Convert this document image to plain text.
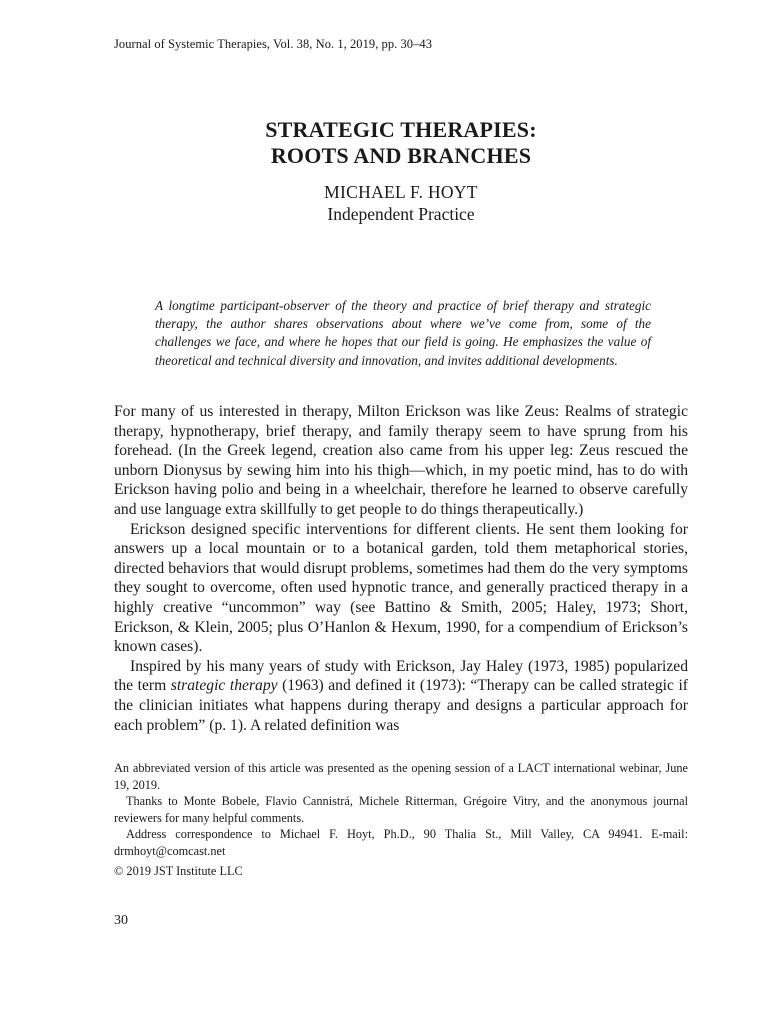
Journal of Systemic Therapies, Vol. 38, No. 1, 2019, pp. 30–43
STRATEGIC THERAPIES:
ROOTS AND BRANCHES
MICHAEL F. HOYT
Independent Practice
A longtime participant-observer of the theory and practice of brief therapy and strategic therapy, the author shares observations about where we’ve come from, some of the challenges we face, and where he hopes that our field is going. He emphasizes the value of theoretical and technical diversity and innovation, and invites additional developments.

For many of us interested in therapy, Milton Erickson was like Zeus: Realms of strategic therapy, hypnotherapy, brief therapy, and family therapy seem to have sprung from his forehead. (In the Greek legend, creation also came from his upper leg: Zeus rescued the unborn Dionysus by sewing him into his thigh—which, in my poetic mind, has to do with Erickson having polio and being in a wheelchair, therefore he learned to observe carefully and use language extra skillfully to get people to do things therapeutically.)

Erickson designed specific interventions for different clients. He sent them looking for answers up a local mountain or to a botanical garden, told them metaphorical stories, directed behaviors that would disrupt problems, sometimes had them do the very symptoms they sought to overcome, often used hypnotic trance, and generally practiced therapy in a highly creative “uncommon” way (see Battino & Smith, 2005; Haley, 1973; Short, Erickson, & Klein, 2005; plus O’Hanlon & Hexum, 1990, for a compendium of Erickson’s known cases).

Inspired by his many years of study with Erickson, Jay Haley (1973, 1985) popularized the term strategic therapy (1963) and defined it (1973): “Therapy can be called strategic if the clinician initiates what happens during therapy and designs a particular approach for each problem” (p. 1). A related definition was

An abbreviated version of this article was presented as the opening session of a LACT international webinar, June 19, 2019.

Thanks to Monte Bobele, Flavio Cannistrá, Michele Ritterman, Grégoire Vitry, and the anonymous journal reviewers for many helpful comments.

Address correspondence to Michael F. Hoyt, Ph.D., 90 Thalia St., Mill Valley, CA 94941. E-mail: drmhoyt@comcast.net

© 2019 JST Institute LLC
30
